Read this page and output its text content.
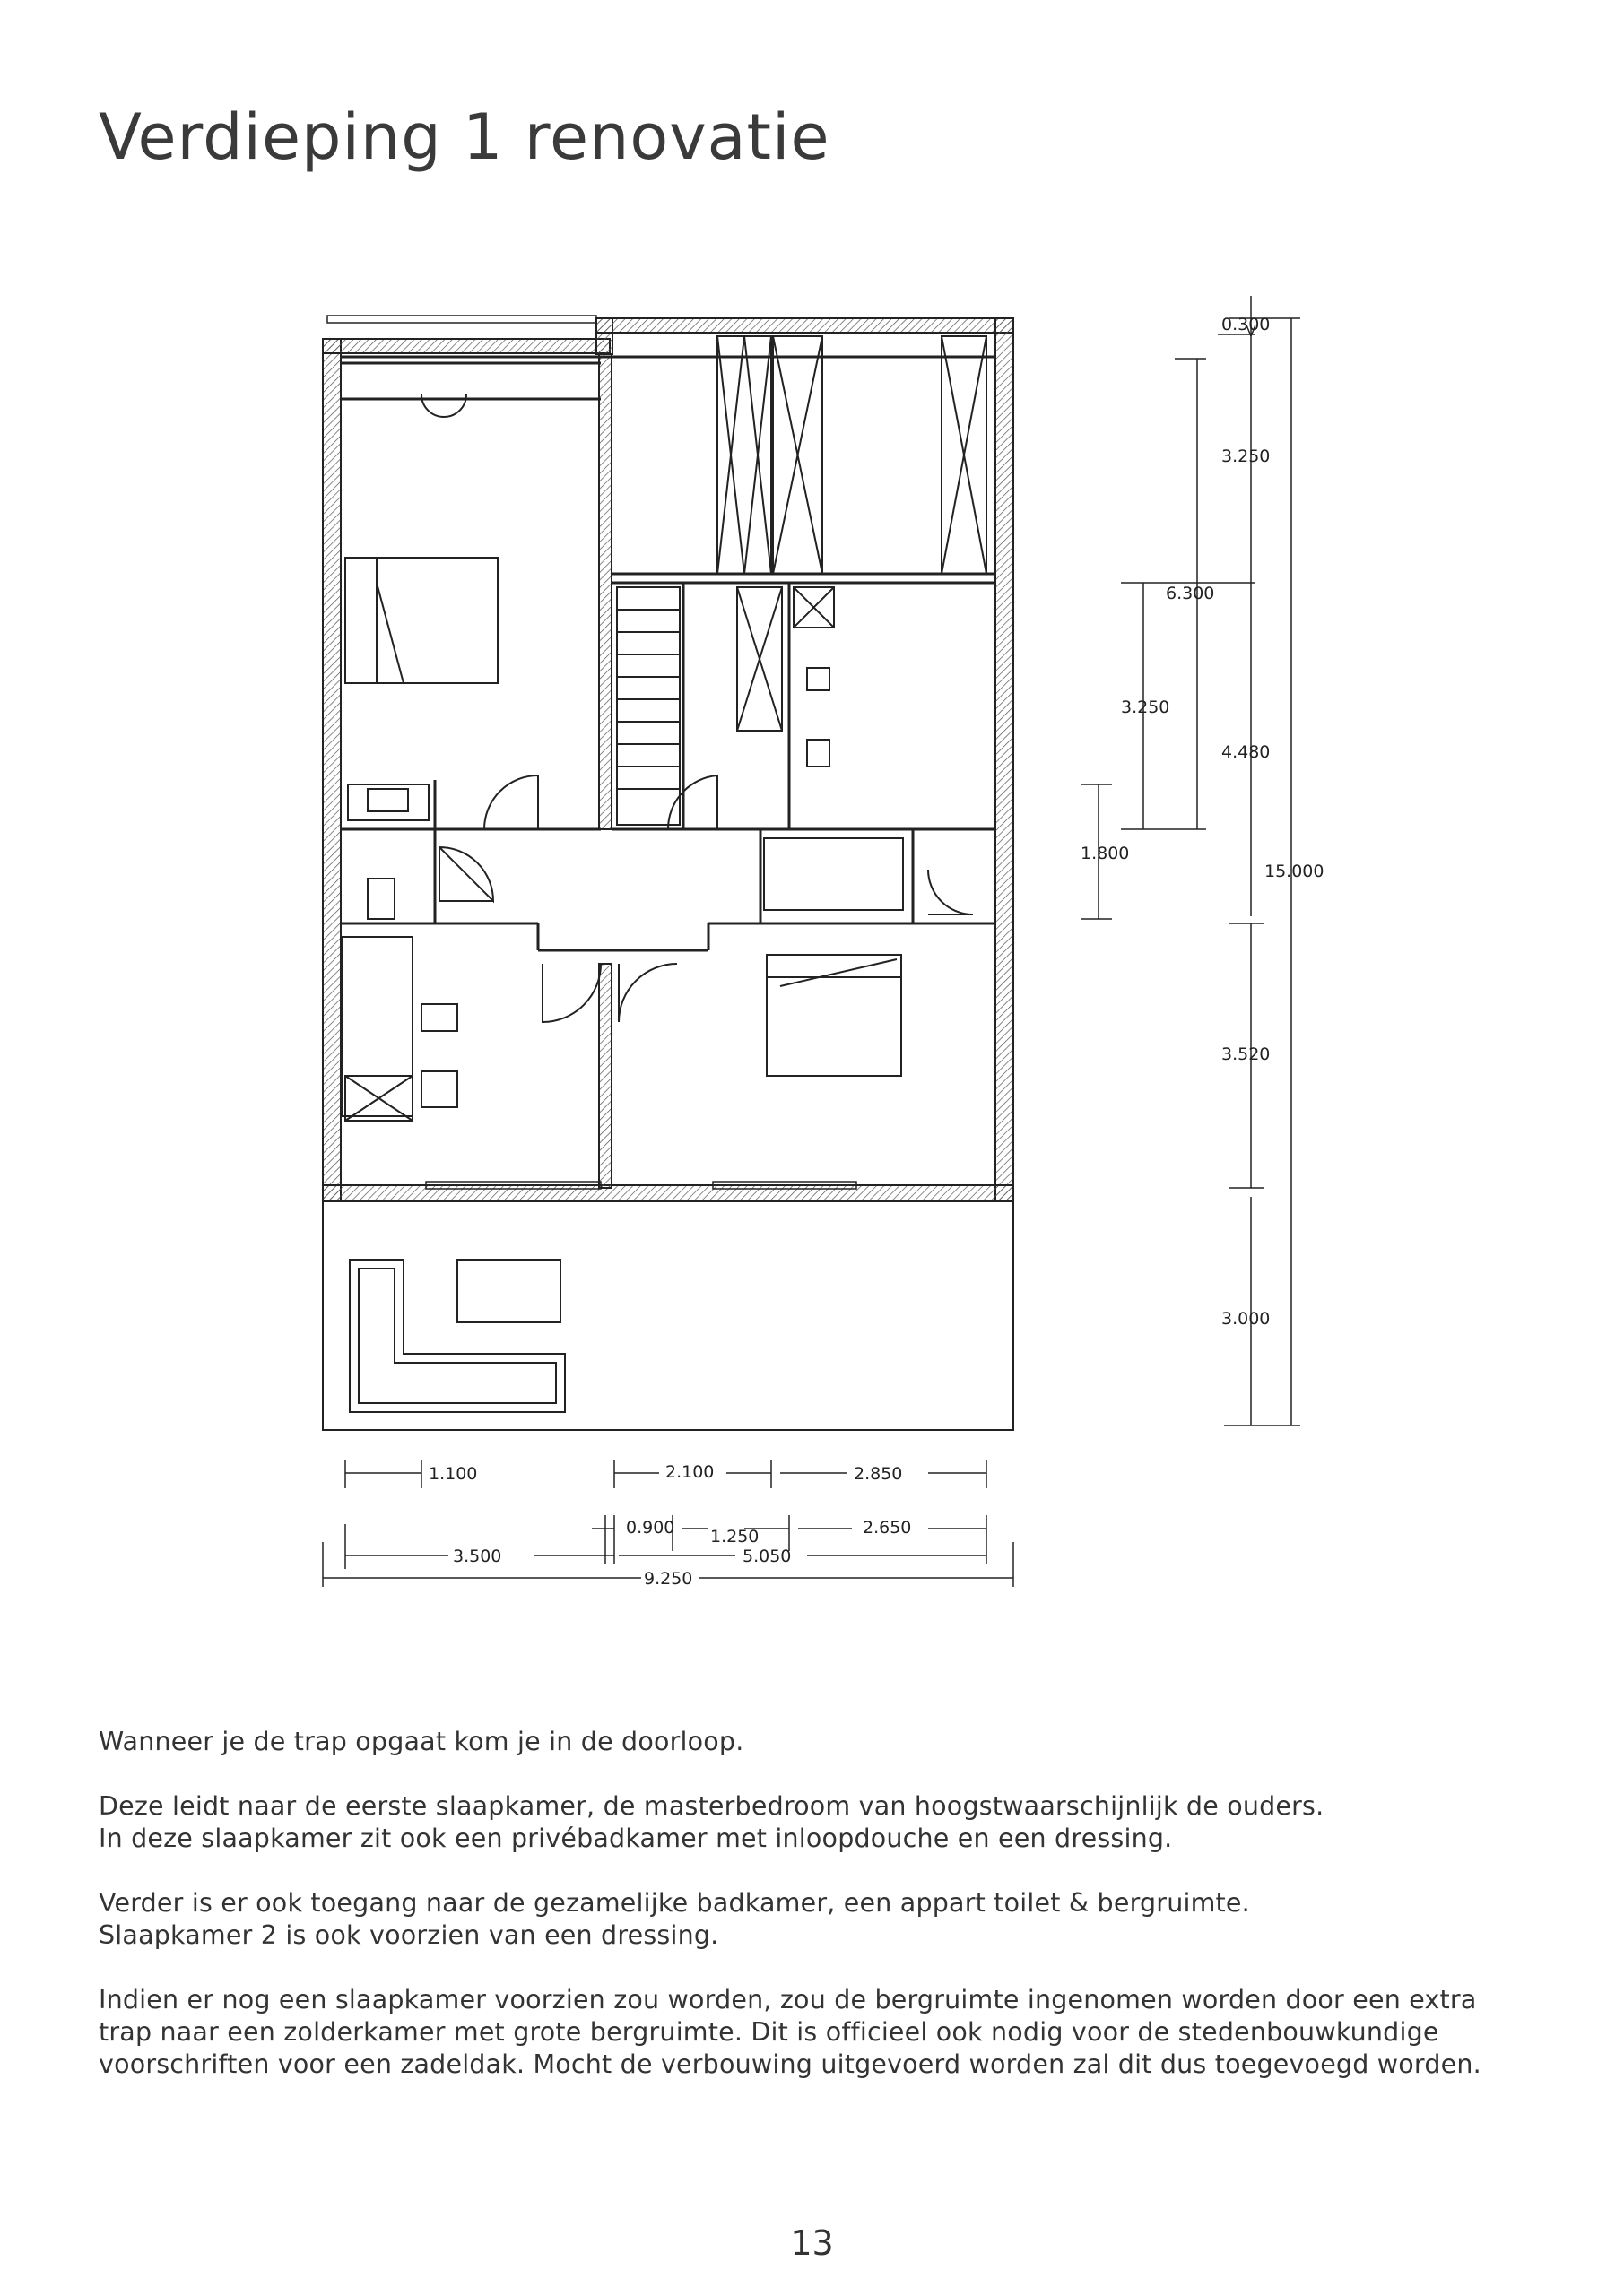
Verdieping 1 renovatie
0.300
3.250
6.300
3.250
4.480
1.800
15.000
3.520
3.000
1.100	2.100	2.850
0.900 1.250	2.650
3.500	5.050
9.250

Wanneer je de trap opgaat kom je in de doorloop.

Deze leidt naar de eerste slaapkamer, de masterbedroom van hoogstwaarschijnlijk de ouders.
In deze slaapkamer zit ook een privébadkamer met inloopdouche en een dressing.

Verder is er ook toegang naar de gezamelijke badkamer, een appart toilet & bergruimte.
Slaapkamer 2 is ook voorzien van een dressing.

Indien er nog een slaapkamer voorzien zou worden, zou de bergruimte ingenomen worden door een extra trap naar een zolderkamer met grote bergruimte. Dit is officieel ook nodig voor de stedenbouwkundige voorschriften voor een zadeldak. Mocht de verbouwing uitgevoerd worden zal dit dus toegevoegd worden.

13
